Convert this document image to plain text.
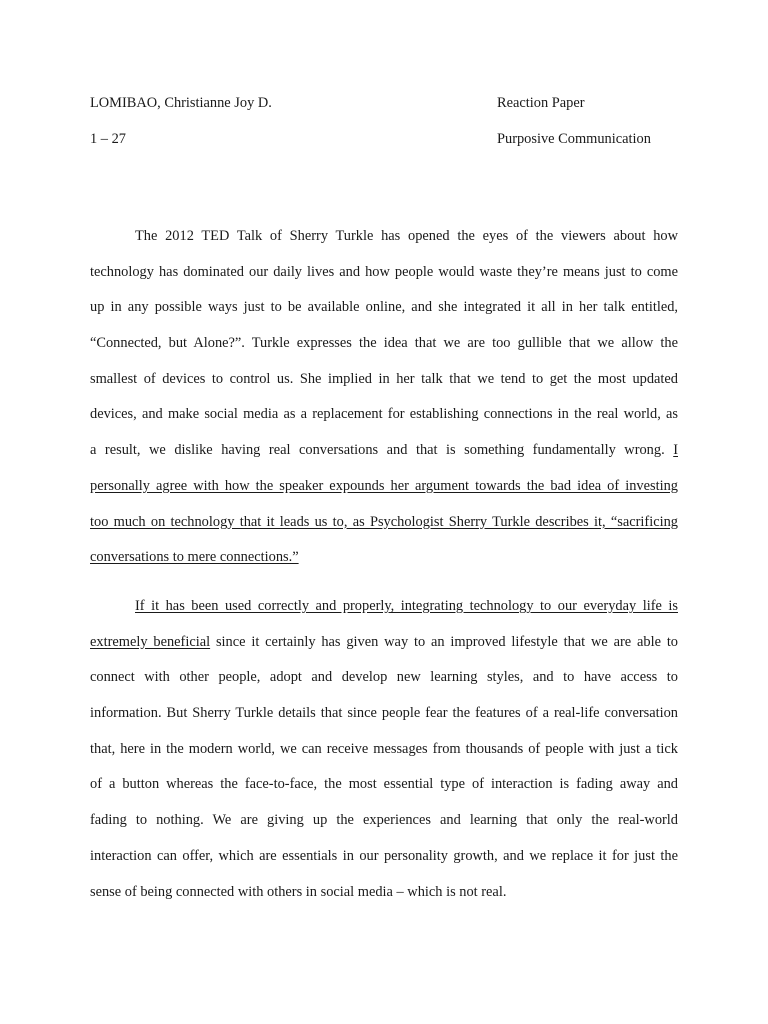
LOMIBAO, Christianne Joy D.
1 – 27
Reaction Paper
Purposive Communication
The 2012 TED Talk of Sherry Turkle has opened the eyes of the viewers about how
technology has dominated our daily lives and how people would waste they’re means just to come
up in any possible ways just to be available online, and she integrated it all in her talk entitled,
“Connected, but Alone?”. Turkle expresses the idea that we are too gullible that we allow the
smallest of devices to control us. She implied in her talk that we tend to get the most updated
devices, and make social media as a replacement for establishing connections in the real world, as
a result, we dislike having real conversations and that is something fundamentally wrong. I
personally agree with how the speaker expounds her argument towards the bad idea of investing
too much on technology that it leads us to, as Psychologist Sherry Turkle describes it, “sacrificing
conversations to mere connections.”
If it has been used correctly and properly, integrating technology to our everyday life is
extremely beneficial since it certainly has given way to an improved lifestyle that we are able to
connect with other people, adopt and develop new learning styles, and to have access to
information. But Sherry Turkle details that since people fear the features of a real-life conversation
that, here in the modern world, we can receive messages from thousands of people with just a tick
of a button whereas the face-to-face, the most essential type of interaction is fading away and
fading to nothing. We are giving up the experiences and learning that only the real-world
interaction can offer, which are essentials in our personality growth, and we replace it for just the
sense of being connected with others in social media – which is not real.
